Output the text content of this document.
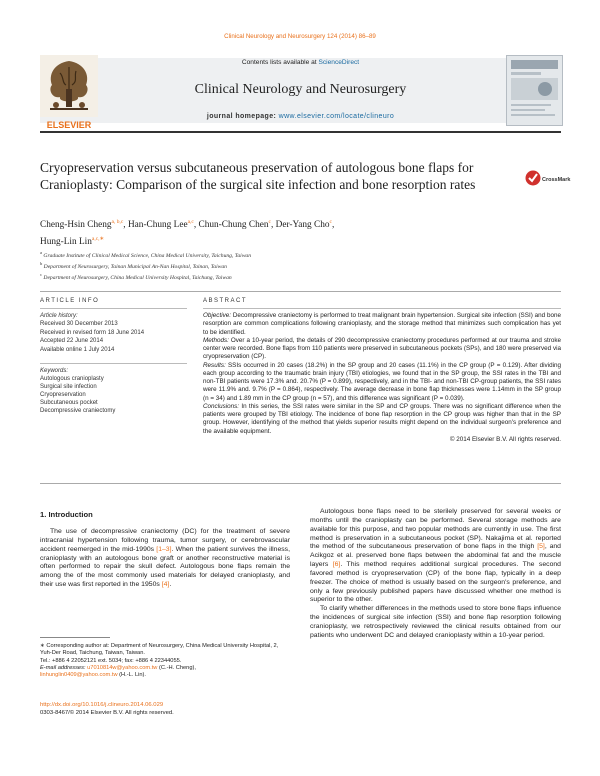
Clinical Neurology and Neurosurgery 124 (2014) 86–89
Contents lists available at ScienceDirect
Clinical Neurology and Neurosurgery
journal homepage: www.elsevier.com/locate/clineuro
ELSEVIER
Cryopreservation versus subcutaneous preservation of autologous bone flaps for Cranioplasty: Comparison of the surgical site infection and bone resorption rates	CrossMark
Cheng-Hsin Cheng$^{a, b,c}$, Han-Chung Lee$^{a,c}$, Chun-Chung Chen$^c$, Der-Yang Cho$^c$,
Hung-Lin Lin$^{a,c,∗}$
$^a$ Graduate Institute of Clinical Medical Science, China Medical University, Taichung, Taiwan
$^b$ Department of Neurosurgery, Tainan Municipal An-Nan Hospital, Tainan, Taiwan
$^c$ Department of Neurosurgery, China Medical University Hospital, Taichung, Taiwan
ARTICLE INFO	ABSTRACT
Article history:
Received 30 December 2013
Received in revised form 18 June 2014
Accepted 22 June 2014
Available online 1 July 2014
Keywords:
Autologous cranioplasty
Surgical site infection
Cryopreservation
Subcutaneous pocket
Decompressive craniectomy

Objective: Decompressive craniectomy is performed to treat malignant brain hypertension. Surgical site infection (SSI) and bone resorption are common complications following cranioplasty, and the storage method that minimizes such complication has yet to be identified.

Methods: Over a 10-year period, the details of 290 decompressive craniectomy procedures performed at our trauma and stroke center were recorded. Bone flaps from 110 patients were preserved in subcutaneous pockets (SPs), and 180 were preserved via cryopreservation (CP).

Results: SSIs occurred in 20 cases (18.2%) in the SP group and 20 cases (11.1%) in the CP group (P = 0.129). After dividing each group according to the traumatic brain injury (TBI) etiologies, we found that in the SP group, the SSI rates in the TBI and non-TBI patients were 17.3% and. 20.7% (P = 0.899), respectively, and in the TBI- and non-TBI CP-group patients, the SSI rates were 11.9% and. 9.7% (P = 0.864), respectively. The average decrease in bone flap thicknesses were 1.14mm in the SP group (n = 34) and 1.89 mm in the CP group (n = 57), and this difference was significant (P = 0.039).

Conclusions: In this series, the SSI rates were similar in the SP and CP groups. There was no significant difference when the patients were grouped by TBI etiology. The incidence of bone flap resorption in the CP group was higher than that in the SP group. However, identifying of the method that yields superior results might depend on the individual surgeon's preference and the available equipment.

© 2014 Elsevier B.V. All rights reserved.

1. Introduction

The use of decompressive craniectomy (DC) for the treatment of severe intracranial hypertension following trauma, tumor surgery, or cerebrovascular accident reemerged in the mid-1990s [1–3]. When the patient survives the illness, cranioplasty with an autologous bone graft or another reconstructive material is often performed to repair the skull defect. Autologous bone flaps remain the among the of the most commonly used materials for delayed cranioplasty, and their use was first reported in the 1950s [4].

Autologous bone flaps need to be sterilely preserved for several weeks or months until the cranioplasty can be performed. Several storage methods are available for this purpose, and two popular methods are currently in use. The first method is preservation in a subcutaneous pocket (SP). Nakajima et al. reported the method of the subcutaneous preservation of bone flaps in the thigh [5], and Acikgoz et al. preserved bone flaps between the abdominal fat and the muscle layers [6]. This method requires additional surgical procedures. The second favored method is cryopreservation (CP) of the bone flap, typically in a deep freezer. The choice of method is usually based on the surgeon's preference, and only a few previously published papers have discussed whether one method is superior to the other.

To clarify whether differences in the methods used to store bone flaps influence the incidences of surgical site infection (SSI) and bone flap resorption following cranioplasty, we retrospectively reviewed the clinical results obtained from our patients who underwent DC and delayed cranioplasty within a 10-year period.

∗ Corresponding author at: Department of Neurosurgery, China Medical University Hospital, 2, Yuh-Der Road, Taichung, Taiwan, Taiwan.

Tel.: +886 4 22052121 ext. 5034; fax: +886 4 22344055.

E-mail addresses: u7010814w@yahoo.com.tw (C.-H. Cheng),
linhunglin0409@yahoo.com.tw (H.-L. Lin).

http://dx.doi.org/10.1016/j.clineuro.2014.06.029
0303-8467/© 2014 Elsevier B.V. All rights reserved.
